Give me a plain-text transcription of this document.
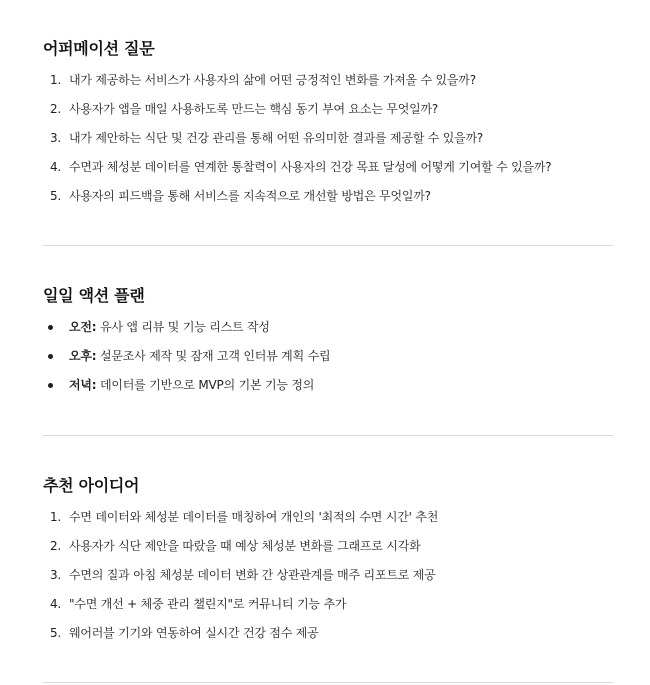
어퍼메이션 질문
1. 내가 제공하는 서비스가 사용자의 삶에 어떤 긍정적인 변화를 가져올 수 있을까?
2. 사용자가 앱을 매일 사용하도록 만드는 핵심 동기 부여 요소는 무엇일까?
3. 내가 제안하는 식단 및 건강 관리를 통해 어떤 유의미한 결과를 제공할 수 있을까?
4. 수면과 체성분 데이터를 연계한 통찰력이 사용자의 건강 목표 달성에 어떻게 기여할 수 있을까?
5. 사용자의 피드백을 통해 서비스를 지속적으로 개선할 방법은 무엇일까?
일일 액션 플랜
오전: 유사 앱 리뷰 및 기능 리스트 작성
오후: 설문조사 제작 및 잠재 고객 인터뷰 계획 수립
저녁: 데이터를 기반으로 MVP의 기본 기능 정의
추천 아이디어
1. 수면 데이터와 체성분 데이터를 매칭하여 개인의 '최적의 수면 시간' 추천
2. 사용자가 식단 제안을 따랐을 때 예상 체성분 변화를 그래프로 시각화
3. 수면의 질과 아침 체성분 데이터 변화 간 상관관계를 매주 리포트로 제공
4. "수면 개선 + 체중 관리 챌린지"로 커뮤니티 기능 추가
5. 웨어러블 기기와 연동하여 실시간 건강 점수 제공
